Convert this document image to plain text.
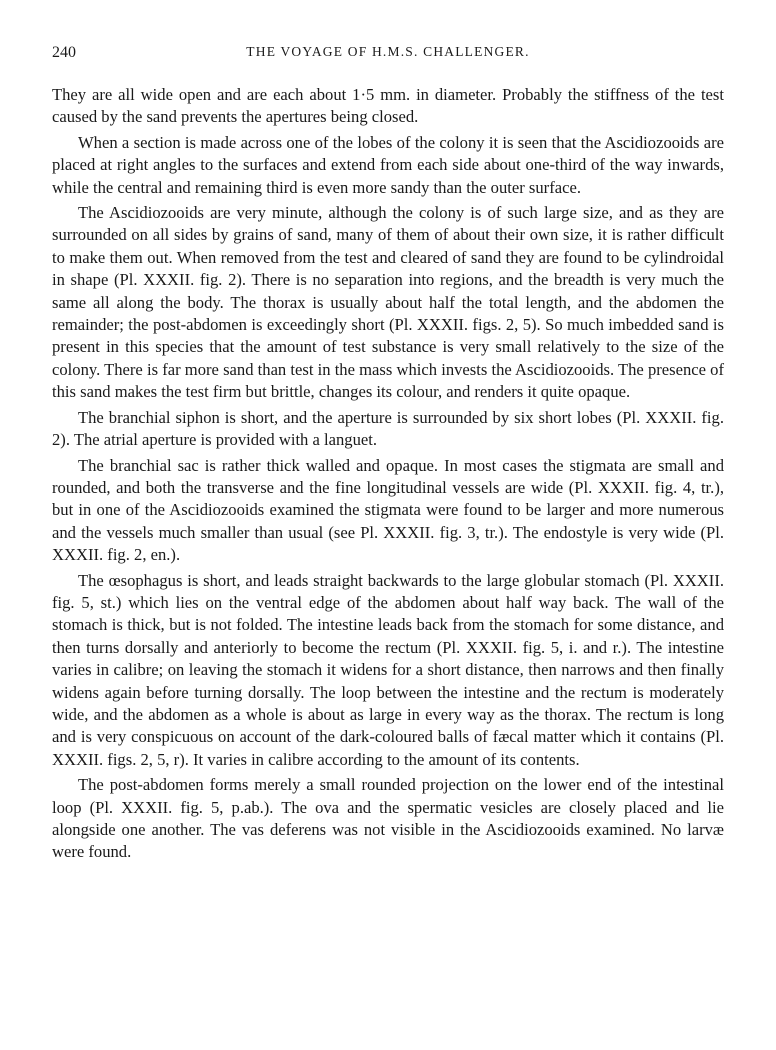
240	THE VOYAGE OF H.M.S. CHALLENGER.

They are all wide open and are each about 1·5 mm. in diameter. Probably the stiffness of the test caused by the sand prevents the apertures being closed.

When a section is made across one of the lobes of the colony it is seen that the Ascidiozooids are placed at right angles to the surfaces and extend from each side about one-third of the way inwards, while the central and remaining third is even more sandy than the outer surface.

The Ascidiozooids are very minute, although the colony is of such large size, and as they are surrounded on all sides by grains of sand, many of them of about their own size, it is rather difficult to make them out. When removed from the test and cleared of sand they are found to be cylindroidal in shape (Pl. XXXII. fig. 2). There is no separation into regions, and the breadth is very much the same all along the body. The thorax is usually about half the total length, and the abdomen the remainder; the post-abdomen is exceedingly short (Pl. XXXII. figs. 2, 5). So much imbedded sand is present in this species that the amount of test substance is very small relatively to the size of the colony. There is far more sand than test in the mass which invests the Ascidiozooids. The presence of this sand makes the test firm but brittle, changes its colour, and renders it quite opaque.

The branchial siphon is short, and the aperture is surrounded by six short lobes (Pl. XXXII. fig. 2). The atrial aperture is provided with a languet.

The branchial sac is rather thick walled and opaque. In most cases the stigmata are small and rounded, and both the transverse and the fine longitudinal vessels are wide (Pl. XXXII. fig. 4, tr.), but in one of the Ascidiozooids examined the stigmata were found to be larger and more numerous and the vessels much smaller than usual (see Pl. XXXII. fig. 3, tr.). The endostyle is very wide (Pl. XXXII. fig. 2, en.).

The œsophagus is short, and leads straight backwards to the large globular stomach (Pl. XXXII. fig. 5, st.) which lies on the ventral edge of the abdomen about half way back. The wall of the stomach is thick, but is not folded. The intestine leads back from the stomach for some distance, and then turns dorsally and anteriorly to become the rectum (Pl. XXXII. fig. 5, i. and r.). The intestine varies in calibre; on leaving the stomach it widens for a short distance, then narrows and then finally widens again before turning dorsally. The loop between the intestine and the rectum is moderately wide, and the abdomen as a whole is about as large in every way as the thorax. The rectum is long and is very conspicuous on account of the dark-coloured balls of fæcal matter which it contains (Pl. XXXII. figs. 2, 5, r). It varies in calibre according to the amount of its contents.

The post-abdomen forms merely a small rounded projection on the lower end of the intestinal loop (Pl. XXXII. fig. 5, p.ab.). The ova and the spermatic vesicles are closely placed and lie alongside one another. The vas deferens was not visible in the Ascidiozooids examined. No larvæ were found.
